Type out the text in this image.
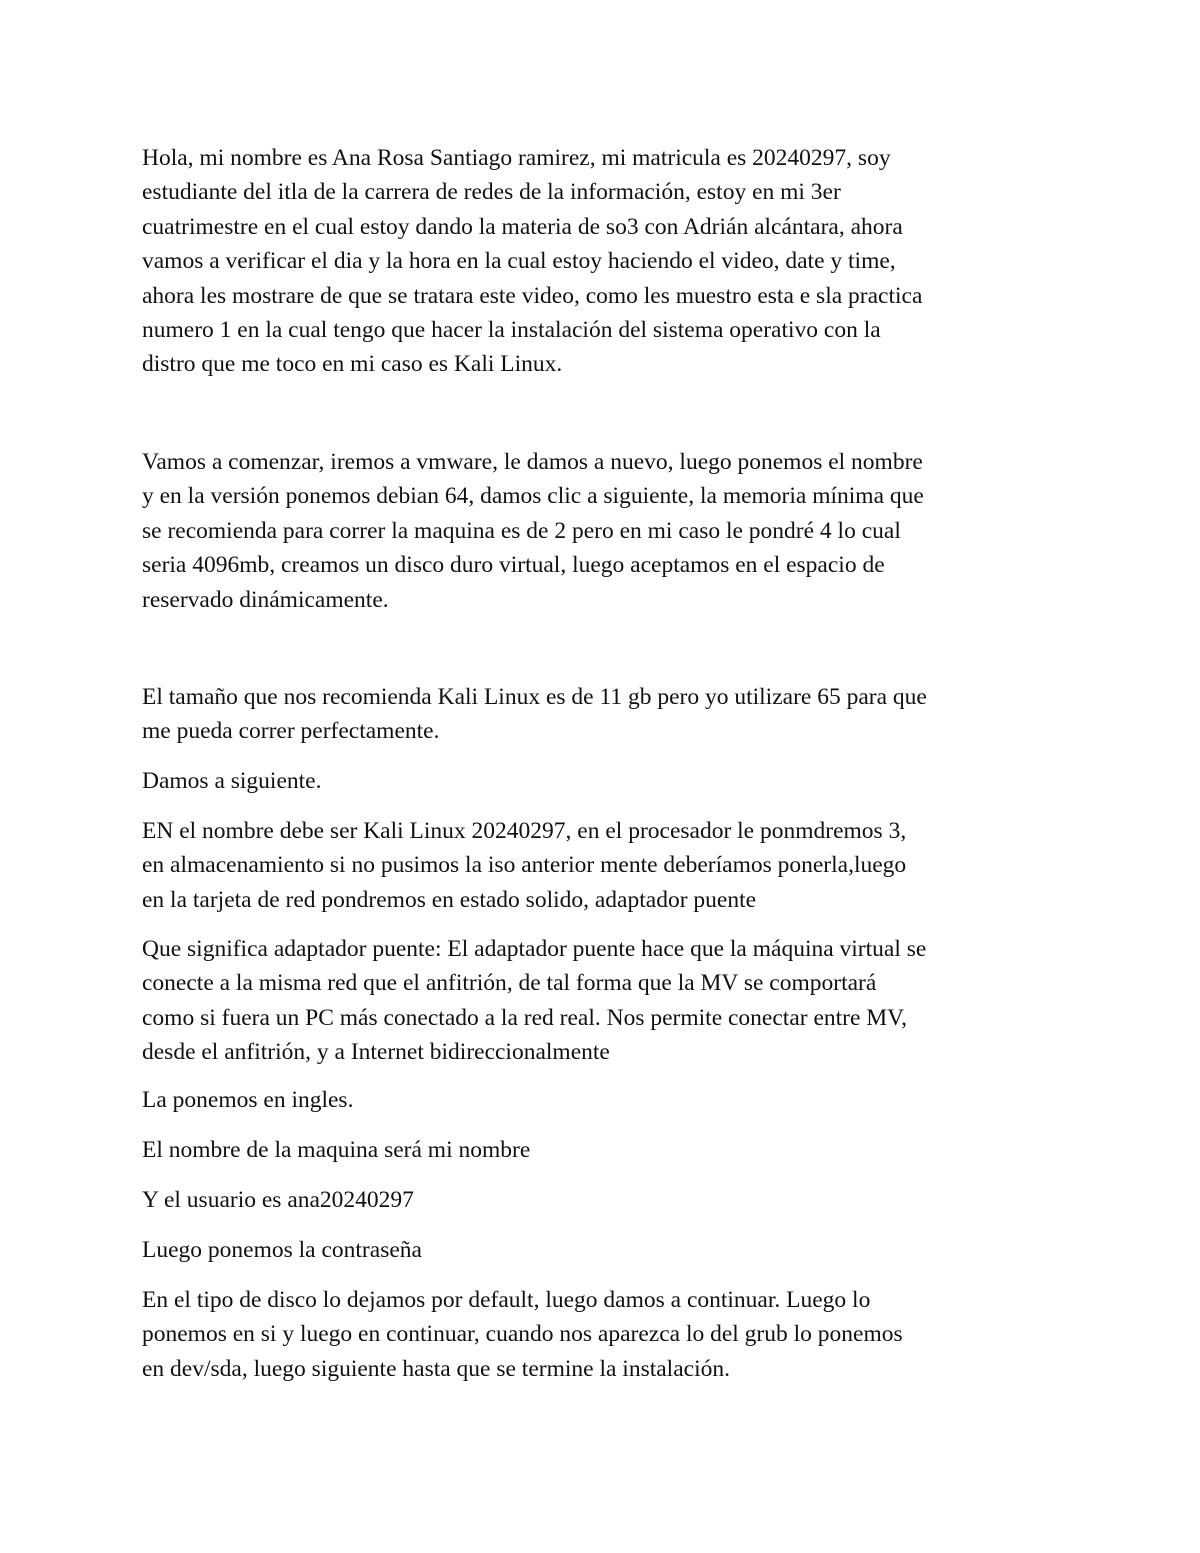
Hola, mi nombre es Ana Rosa Santiago ramirez, mi matricula es 20240297, soy
estudiante del itla de la carrera de redes de la información, estoy en mi 3er
cuatrimestre en el cual estoy dando la materia de so3 con Adrián alcántara, ahora
vamos a verificar el dia y la hora en la cual estoy haciendo el video, date y time,
ahora les mostrare de que se tratara este video, como les muestro esta e sla practica
numero 1 en la cual tengo que hacer la instalación del sistema operativo con la
distro que me toco en mi caso es Kali Linux.

Vamos a comenzar, iremos a vmware, le damos a nuevo, luego ponemos el nombre
y en la versión ponemos debian 64, damos clic a siguiente, la memoria mínima que
se recomienda para correr la maquina es de 2 pero en mi caso le pondré 4 lo cual
seria 4096mb, creamos un disco duro virtual, luego aceptamos en el espacio de
reservado dinámicamente.

El tamaño que nos recomienda Kali Linux es de 11 gb pero yo utilizare 65 para que
me pueda correr perfectamente.

Damos a siguiente.

EN el nombre debe ser Kali Linux 20240297, en el procesador le ponmdremos 3,
en almacenamiento si no pusimos la iso anterior mente deberíamos ponerla,luego
en la tarjeta de red pondremos en estado solido, adaptador puente

Que significa adaptador puente: El adaptador puente hace que la máquina virtual se
conecte a la misma red que el anfitrión, de tal forma que la MV se comportará
como si fuera un PC más conectado a la red real. Nos permite conectar entre MV,
desde el anfitrión, y a Internet bidireccionalmente

La ponemos en ingles.

El nombre de la maquina será mi nombre

Y el usuario es ana20240297

Luego ponemos la contraseña

En el tipo de disco lo dejamos por default, luego damos a continuar. Luego lo
ponemos en si y luego en continuar, cuando nos aparezca lo del grub lo ponemos
en dev/sda, luego siguiente hasta que se termine la instalación.
